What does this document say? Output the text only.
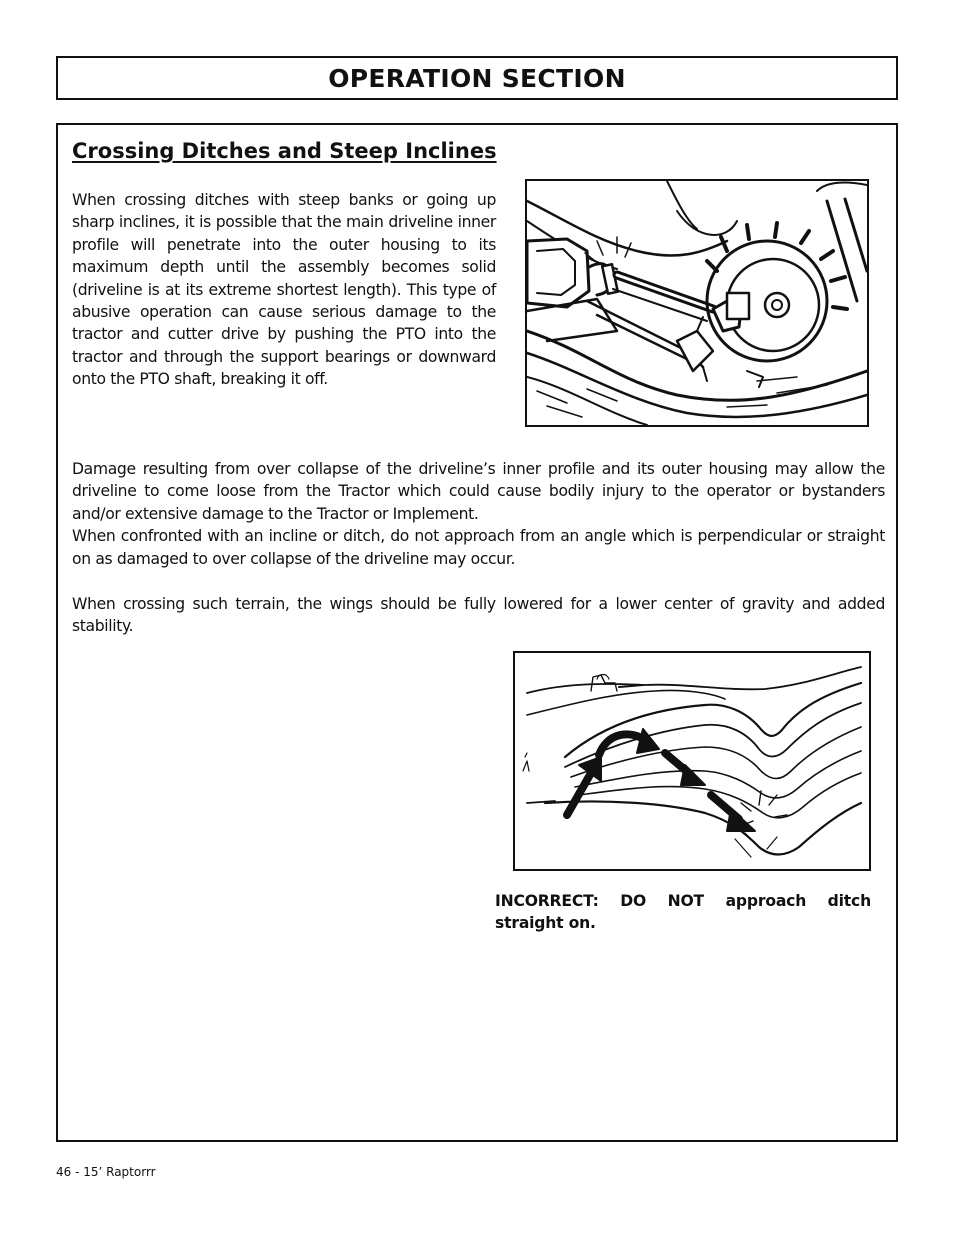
OPERATION SECTION
Crossing Ditches and Steep Inclines

When crossing ditches with steep banks or going up sharp inclines, it is possible that the main driveline inner profile will penetrate into the outer housing to its maximum depth until the assembly becomes solid (driveline is at its extreme shortest length). This type of abusive operation can cause serious damage to the tractor and cutter drive by pushing the PTO into the tractor and through the support bearings or downward onto the PTO shaft, breaking it off.

Damage resulting from over collapse of the driveline’s inner profile and its outer housing may allow the driveline to come loose from the Tractor which could cause bodily injury to the operator or bystanders and/or extensive damage to the Tractor or Implement.
When confronted with an incline or ditch, do not approach from an angle which is perpendicular or straight on as damaged to over collapse of the driveline may occur.

When crossing such terrain, the wings should be fully lowered for a lower center of gravity and added stability.

INCORRECT: DO NOT approach ditch straight on.

46 - 15’ Raptorrr
